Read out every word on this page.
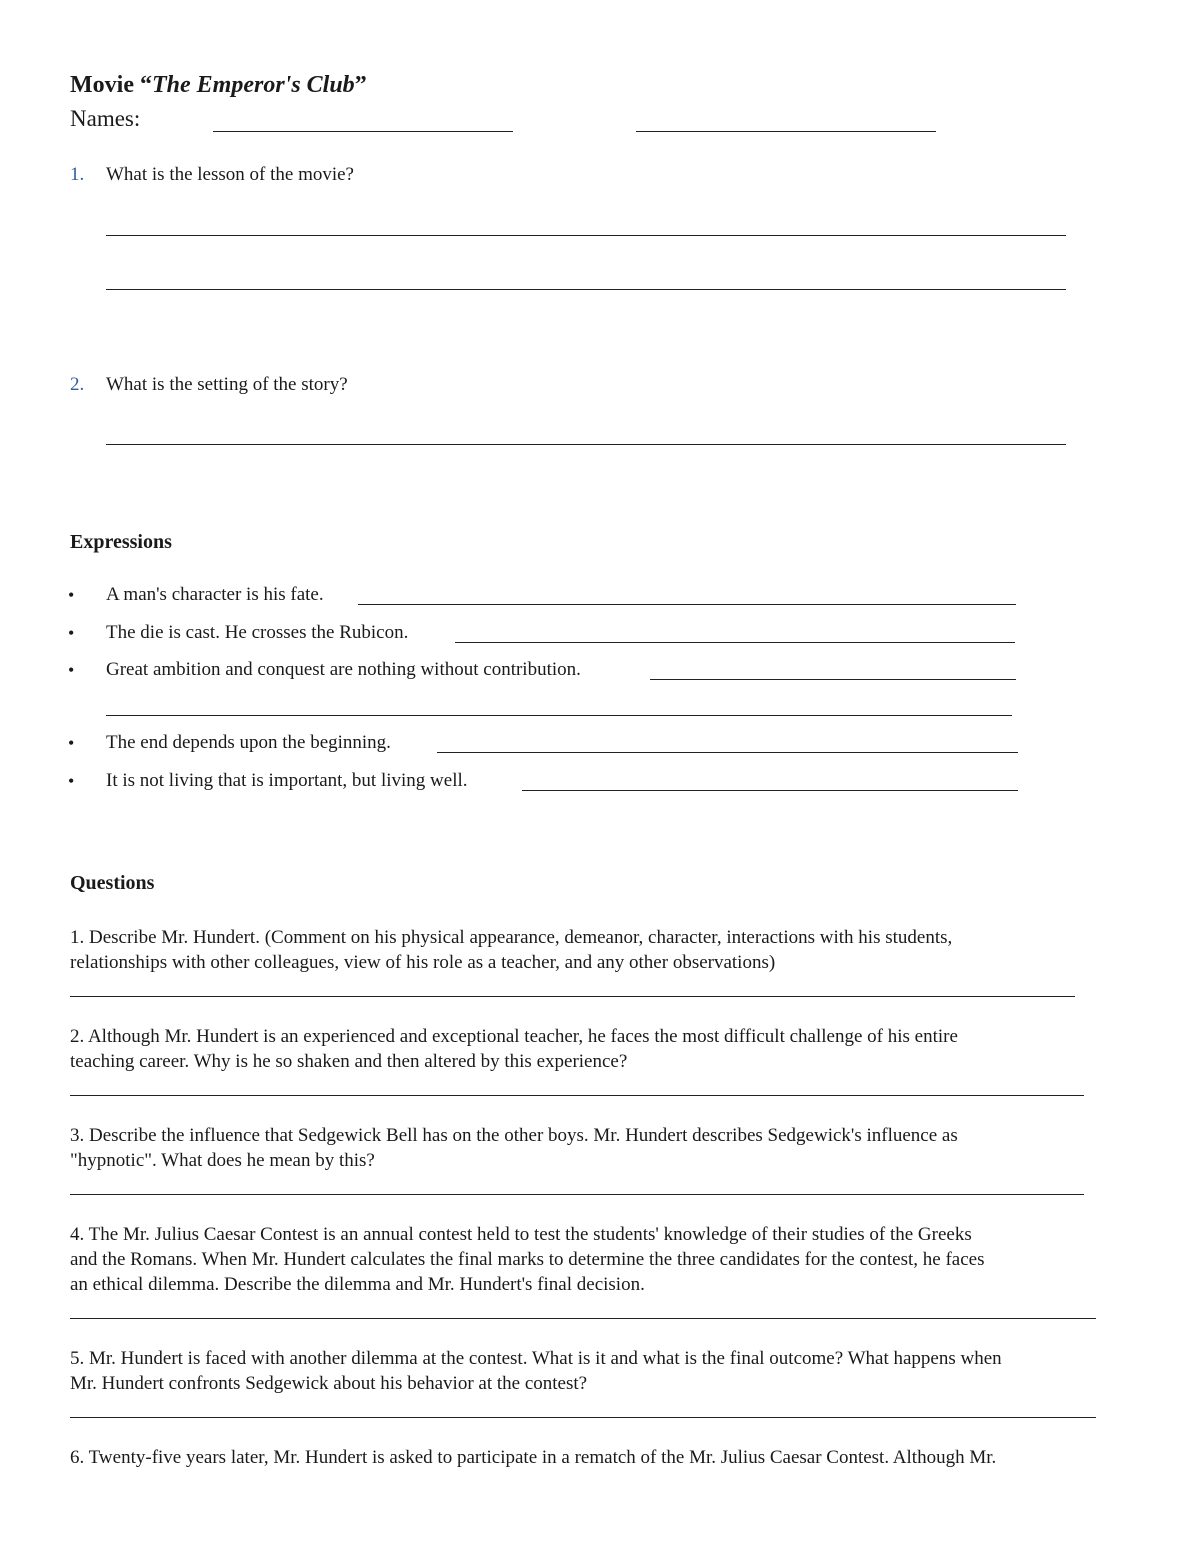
Movie “The Emperor's Club”
Names:
1. What is the lesson of the movie?
2. What is the setting of the story?
Expressions
• A man's character is his fate.
• The die is cast. He crosses the Rubicon.
• Great ambition and conquest are nothing without contribution.
• The end depends upon the beginning.
• It is not living that is important, but living well.
Questions
1. Describe Mr. Hundert. (Comment on his physical appearance, demeanor, character, interactions with his students,
relationships with other colleagues, view of his role as a teacher, and any other observations)
2. Although Mr. Hundert is an experienced and exceptional teacher, he faces the most difficult challenge of his entire
teaching career. Why is he so shaken and then altered by this experience?
3. Describe the influence that Sedgewick Bell has on the other boys. Mr. Hundert describes Sedgewick's influence as
"hypnotic". What does he mean by this?
4. The Mr. Julius Caesar Contest is an annual contest held to test the students' knowledge of their studies of the Greeks
and the Romans. When Mr. Hundert calculates the final marks to determine the three candidates for the contest, he faces
an ethical dilemma. Describe the dilemma and Mr. Hundert's final decision.
5. Mr. Hundert is faced with another dilemma at the contest. What is it and what is the final outcome? What happens when
Mr. Hundert confronts Sedgewick about his behavior at the contest?
6. Twenty-five years later, Mr. Hundert is asked to participate in a rematch of the Mr. Julius Caesar Contest. Although Mr.
